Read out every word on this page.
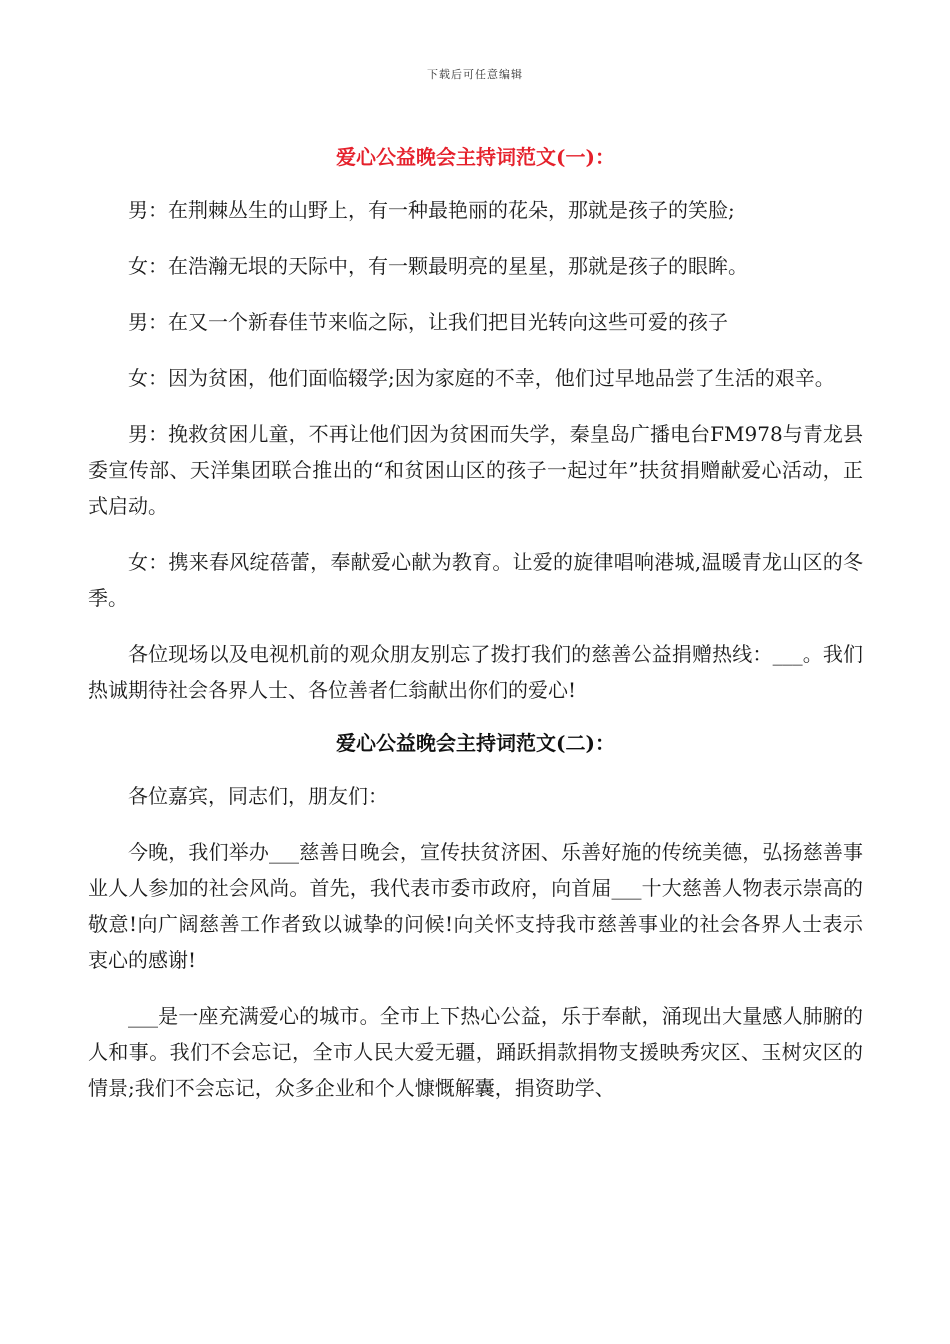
下载后可任意编辑
爱心公益晚会主持词范文(一)：

男：在荆棘丛生的山野上，有一种最艳丽的花朵，那就是孩子的笑脸;

女：在浩瀚无垠的天际中，有一颗最明亮的星星，那就是孩子的眼眸。

男：在又一个新春佳节来临之际，让我们把目光转向这些可爱的孩子

女：因为贫困，他们面临辍学;因为家庭的不幸，他们过早地品尝了生活的艰辛。

男：挽救贫困儿童，不再让他们因为贫困而失学，秦皇岛广播电台FM978与青龙县委宣传部、天洋集团联合推出的“和贫困山区的孩子一起过年”扶贫捐赠献爱心活动，正式启动。

女：携来春风绽蓓蕾，奉献爱心献为教育。让爱的旋律唱响港城,温暖青龙山区的冬季。

各位现场以及电视机前的观众朋友别忘了拨打我们的慈善公益捐赠热线：___。我们热诚期待社会各界人士、各位善者仁翁献出你们的爱心!

爱心公益晚会主持词范文(二)：

各位嘉宾，同志们，朋友们：

今晚，我们举办___慈善日晚会，宣传扶贫济困、乐善好施的传统美德，弘扬慈善事业人人参加的社会风尚。首先，我代表市委市政府，向首届___十大慈善人物表示崇高的敬意!向广阔慈善工作者致以诚挚的问候!向关怀支持我市慈善事业的社会各界人士表示衷心的感谢!

___是一座充满爱心的城市。全市上下热心公益，乐于奉献，涌现出大量感人肺腑的人和事。我们不会忘记，全市人民大爱无疆，踊跃捐款捐物支援映秀灾区、玉树灾区的情景;我们不会忘记，众多企业和个人慷慨解囊，捐资助学、
